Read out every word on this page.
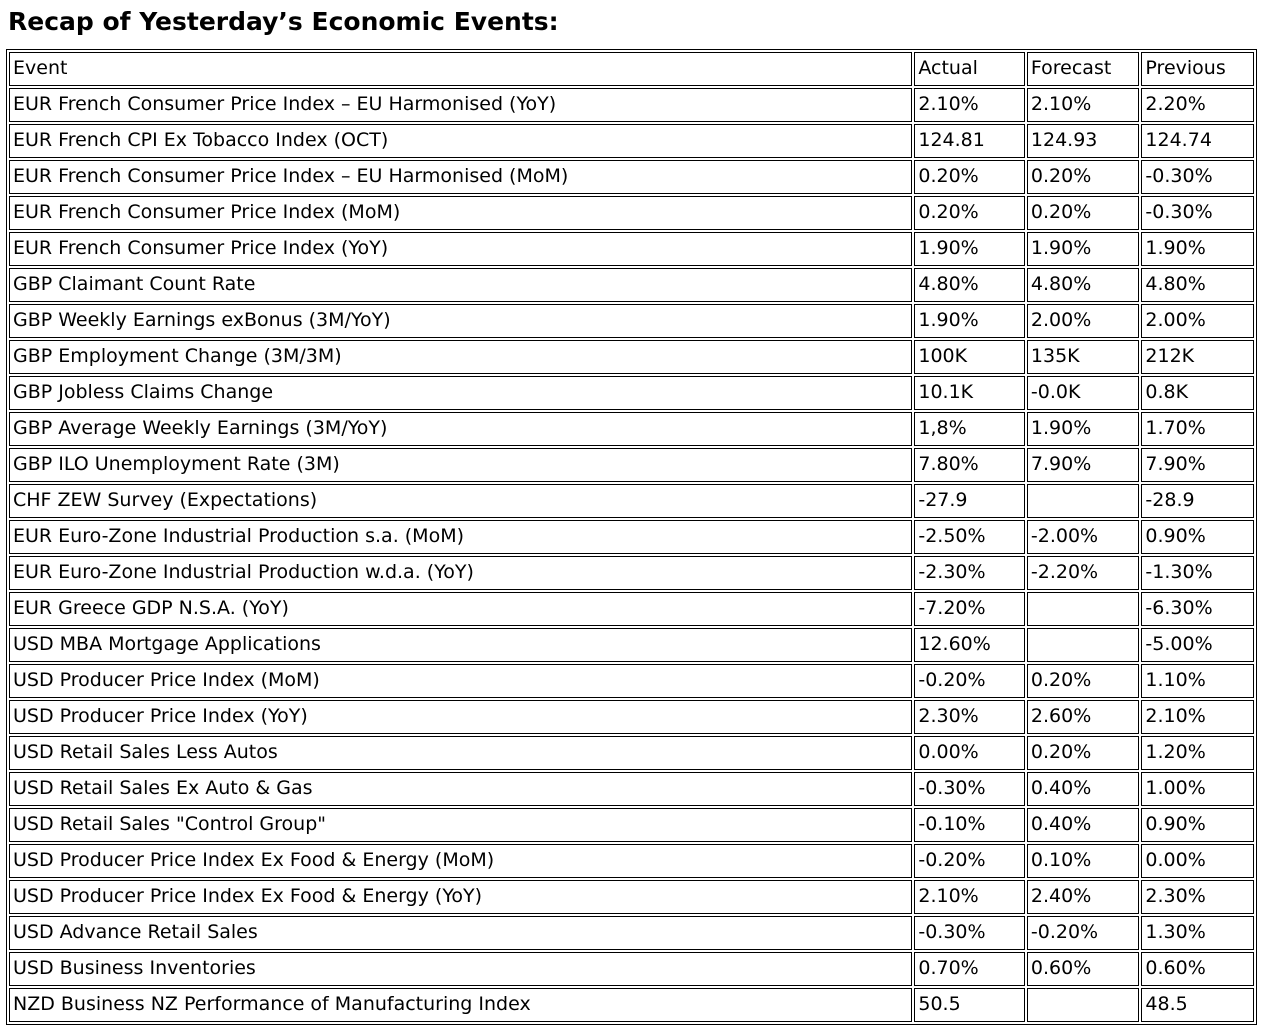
Recap of Yesterday’s Economic Events:
Event	Actual	Forecast	Previous
EUR French Consumer Price Index – EU Harmonised (YoY)	2.10%	2.10%	2.20%
EUR French CPI Ex Tobacco Index (OCT)	124.81	124.93	124.74
EUR French Consumer Price Index – EU Harmonised (MoM)	0.20%	0.20%	-0.30%
EUR French Consumer Price Index (MoM)	0.20%	0.20%	-0.30%
EUR French Consumer Price Index (YoY)	1.90%	1.90%	1.90%
GBP Claimant Count Rate	4.80%	4.80%	4.80%
GBP Weekly Earnings exBonus (3M/YoY)	1.90%	2.00%	2.00%
GBP Employment Change (3M/3M)	100K	135K	212K
GBP Jobless Claims Change	10.1K	-0.0K	0.8K
GBP Average Weekly Earnings (3M/YoY)	1,8%	1.90%	1.70%
GBP ILO Unemployment Rate (3M)	7.80%	7.90%	7.90%
CHF ZEW Survey (Expectations)	-27.9		-28.9
EUR Euro-Zone Industrial Production s.a. (MoM)	-2.50%	-2.00%	0.90%
EUR Euro-Zone Industrial Production w.d.a. (YoY)	-2.30%	-2.20%	-1.30%
EUR Greece GDP N.S.A. (YoY)	-7.20%		-6.30%
USD MBA Mortgage Applications	12.60%		-5.00%
USD Producer Price Index (MoM)	-0.20%	0.20%	1.10%
USD Producer Price Index (YoY)	2.30%	2.60%	2.10%
USD Retail Sales Less Autos	0.00%	0.20%	1.20%
USD Retail Sales Ex Auto & Gas	-0.30%	0.40%	1.00%
USD Retail Sales "Control Group"	-0.10%	0.40%	0.90%
USD Producer Price Index Ex Food & Energy (MoM)	-0.20%	0.10%	0.00%
USD Producer Price Index Ex Food & Energy (YoY)	2.10%	2.40%	2.30%
USD Advance Retail Sales	-0.30%	-0.20%	1.30%
USD Business Inventories	0.70%	0.60%	0.60%
NZD Business NZ Performance of Manufacturing Index	50.5		48.5
